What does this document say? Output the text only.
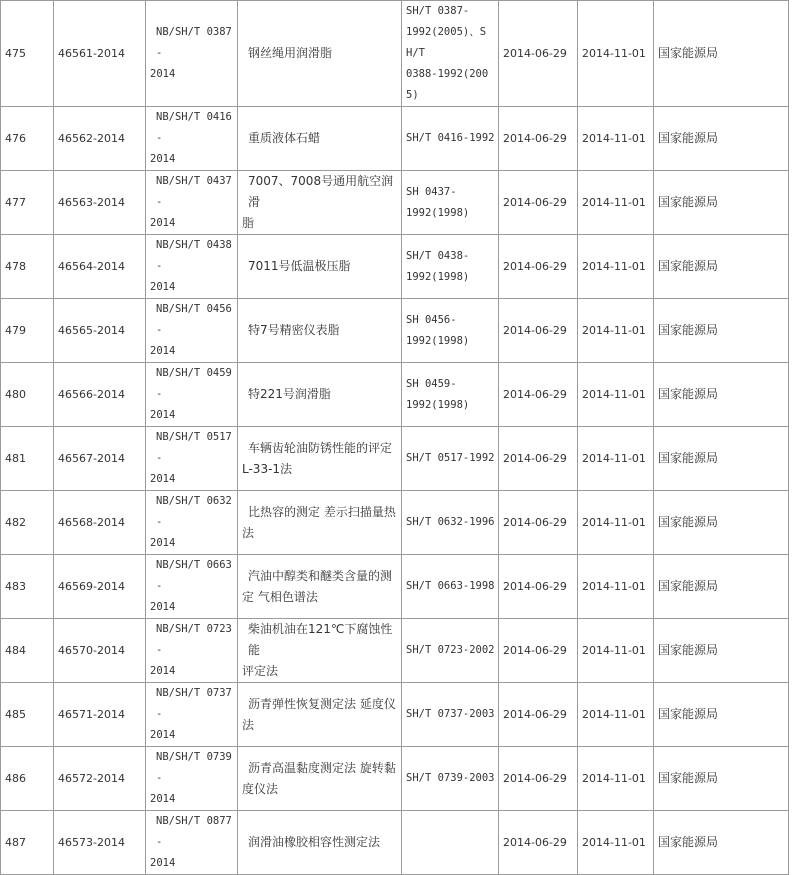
475	46561-2014	NB/SH/T 0387-
2014	钢丝绳用润滑脂	SH/T 0387-
1992(2005)、SH/T
0388-1992(2005)	2014-06-29	2014-11-01	国家能源局
476	46562-2014	NB/SH/T 0416-
2014	重质液体石蜡	SH/T 0416-1992	2014-06-29	2014-11-01	国家能源局
477	46563-2014	NB/SH/T 0437-
2014	7007、7008号通用航空润滑
脂	SH 0437-
1992(1998)	2014-06-29	2014-11-01	国家能源局
478	46564-2014	NB/SH/T 0438-
2014	7011号低温极压脂	SH/T 0438-
1992(1998)	2014-06-29	2014-11-01	国家能源局
479	46565-2014	NB/SH/T 0456-
2014	特7号精密仪表脂	SH 0456-
1992(1998)	2014-06-29	2014-11-01	国家能源局
480	46566-2014	NB/SH/T 0459-
2014	特221号润滑脂	SH 0459-
1992(1998)	2014-06-29	2014-11-01	国家能源局
481	46567-2014	NB/SH/T 0517-
2014	车辆齿轮油防锈性能的评定
L-33-1法	SH/T 0517-1992	2014-06-29	2014-11-01	国家能源局
482	46568-2014	NB/SH/T 0632-
2014	比热容的测定 差示扫描量热
法	SH/T 0632-1996	2014-06-29	2014-11-01	国家能源局
483	46569-2014	NB/SH/T 0663-
2014	汽油中醇类和醚类含量的测
定 气相色谱法	SH/T 0663-1998	2014-06-29	2014-11-01	国家能源局
484	46570-2014	NB/SH/T 0723-
2014	柴油机油在121℃下腐蚀性能
评定法	SH/T 0723-2002	2014-06-29	2014-11-01	国家能源局
485	46571-2014	NB/SH/T 0737-
2014	沥青弹性恢复测定法 延度仪
法	SH/T 0737-2003	2014-06-29	2014-11-01	国家能源局
486	46572-2014	NB/SH/T 0739-
2014	沥青高温黏度测定法 旋转黏
度仪法	SH/T 0739-2003	2014-06-29	2014-11-01	国家能源局
487	46573-2014	NB/SH/T 0877-
2014	润滑油橡胶相容性测定法		2014-06-29	2014-11-01	国家能源局
